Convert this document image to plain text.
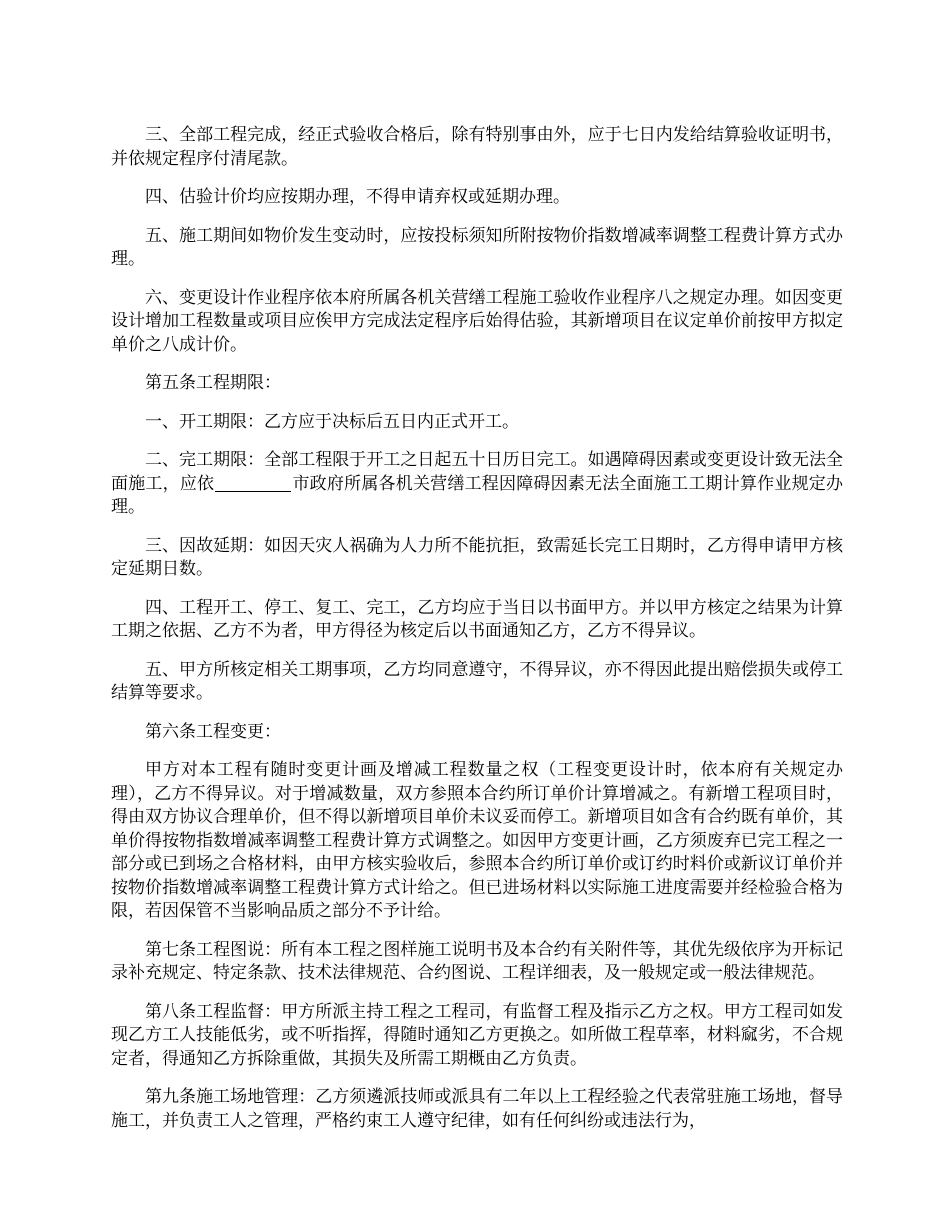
三、全部工程完成，经正式验收合格后，除有特别事由外，应于七日内发给结算验收证明书，并依规定程序付清尾款。

四、估验计价均应按期办理，不得申请弃权或延期办理。

五、施工期间如物价发生变动时，应按投标须知所附按物价指数增减率调整工程费计算方式办理。

六、变更设计作业程序依本府所属各机关营缮工程施工验收作业程序八之规定办理。如因变更设计增加工程数量或项目应俟甲方完成法定程序后始得估验，其新增项目在议定单价前按甲方拟定单价之八成计价。

第五条工程期限：

一、开工期限：乙方应于决标后五日内正式开工。

二、完工期限：全部工程限于开工之日起五十日历日完工。如遇障碍因素或变更设计致无法全面施工，应依	市政府所属各机关营缮工程因障碍因素无法全面施工工期计算作业规定办理。

三、因故延期：如因天灾人祸确为人力所不能抗拒，致需延长完工日期时，乙方得申请甲方核定延期日数。

四、工程开工、停工、复工、完工，乙方均应于当日以书面甲方。并以甲方核定之结果为计算工期之依据、乙方不为者，甲方得径为核定后以书面通知乙方，乙方不得异议。

五、甲方所核定相关工期事项，乙方均同意遵守，不得异议，亦不得因此提出赔偿损失或停工结算等要求。

第六条工程变更：

甲方对本工程有随时变更计画及增减工程数量之权（工程变更设计时，依本府有关规定办理），乙方不得异议。对于增减数量，双方参照本合约所订单价计算增减之。有新增工程项目时，得由双方协议合理单价，但不得以新增项目单价未议妥而停工。新增项目如含有合约既有单价，其单价得按物指数增减率调整工程费计算方式调整之。如因甲方变更计画，乙方须废弃已完工程之一部分或已到场之合格材料，由甲方核实验收后，参照本合约所订单价或订约时料价或新议订单价并按物价指数增减率调整工程费计算方式计给之。但已进场材料以实际施工进度需要并经检验合格为限，若因保管不当影响品质之部分不予计给。

第七条工程图说：所有本工程之图样施工说明书及本合约有关附件等，其优先级依序为开标记录补充规定、特定条款、技术法律规范、合约图说、工程详细表，及一般规定或一般法律规范。

第八条工程监督：甲方所派主持工程之工程司，有监督工程及指示乙方之权。甲方工程司如发现乙方工人技能低劣，或不听指挥，得随时通知乙方更换之。如所做工程草率，材料窳劣，不合规定者，得通知乙方拆除重做，其损失及所需工期概由乙方负责。

第九条施工场地管理：乙方须遴派技师或派具有二年以上工程经验之代表常驻施工场地，督导施工，并负责工人之管理，严格约束工人遵守纪律，如有任何纠纷或违法行为，
